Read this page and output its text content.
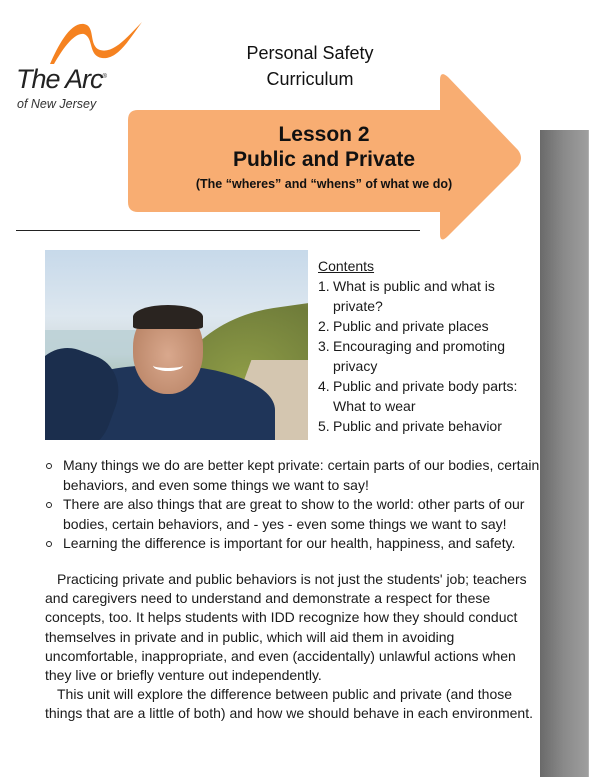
The Arc®
of New Jersey
Personal Safety
Curriculum
Lesson 2
Public and Private
(The “wheres” and “whens” of what we do)
Contents
1. What is public and what is private?
2. Public and private places
3. Encouraging and promoting privacy
4. Public and private body parts: What to wear
5. Public and private behavior
Many things we do are better kept private: certain parts of our bodies, certain behaviors, and even some things we want to say!
There are also things that are great to show to the world: other parts of our bodies, certain behaviors, and - yes - even some things we want to say!
Learning the difference is important for our health, happiness, and safety.

Practicing private and public behaviors is not just the students' job; teachers and caregivers need to understand and demonstrate a respect for these concepts, too. It helps students with IDD recognize how they should conduct themselves in private and in public, which will aid them in avoiding uncomfortable, inappropriate, and even (accidentally) unlawful actions when they live or briefly venture out independently.

This unit will explore the difference between public and private (and those things that are a little of both) and how we should behave in each environment.
